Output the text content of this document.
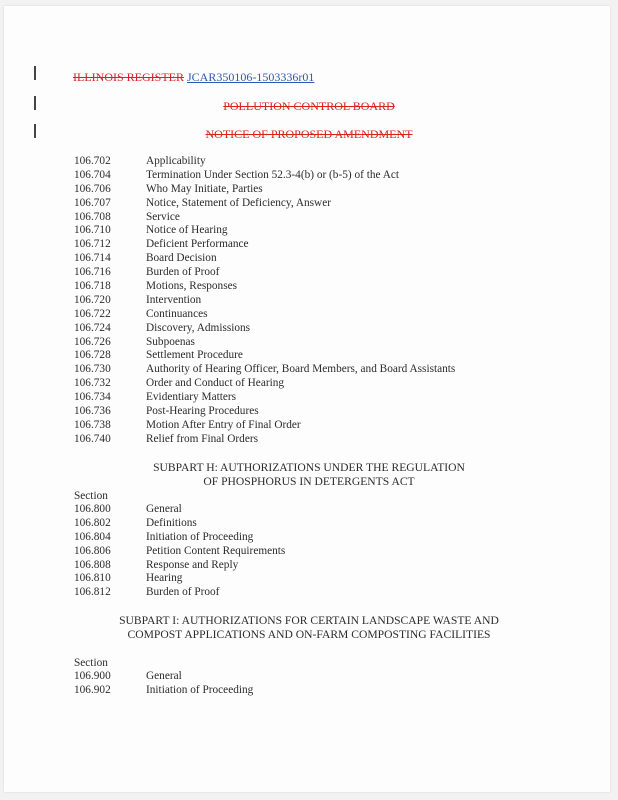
ILLINOIS REGISTER JCAR350106-1503336r01
POLLUTION CONTROL BOARD
NOTICE OF PROPOSED AMENDMENT
106.702	Applicability
106.704	Termination Under Section 52.3-4(b) or (b-5) of the Act
106.706	Who May Initiate, Parties
106.707	Notice, Statement of Deficiency, Answer
106.708	Service
106.710	Notice of Hearing
106.712	Deficient Performance
106.714	Board Decision
106.716	Burden of Proof
106.718	Motions, Responses
106.720	Intervention
106.722	Continuances
106.724	Discovery, Admissions
106.726	Subpoenas
106.728	Settlement Procedure
106.730	Authority of Hearing Officer, Board Members, and Board Assistants
106.732	Order and Conduct of Hearing
106.734	Evidentiary Matters
106.736	Post-Hearing Procedures
106.738	Motion After Entry of Final Order
106.740	Relief from Final Orders
SUBPART H: AUTHORIZATIONS UNDER THE REGULATION
OF PHOSPHORUS IN DETERGENTS ACT
Section
106.800	General
106.802	Definitions
106.804	Initiation of Proceeding
106.806	Petition Content Requirements
106.808	Response and Reply
106.810	Hearing
106.812	Burden of Proof
SUBPART I: AUTHORIZATIONS FOR CERTAIN LANDSCAPE WASTE AND
COMPOST APPLICATIONS AND ON-FARM COMPOSTING FACILITIES
Section
106.900	General
106.902	Initiation of Proceeding
